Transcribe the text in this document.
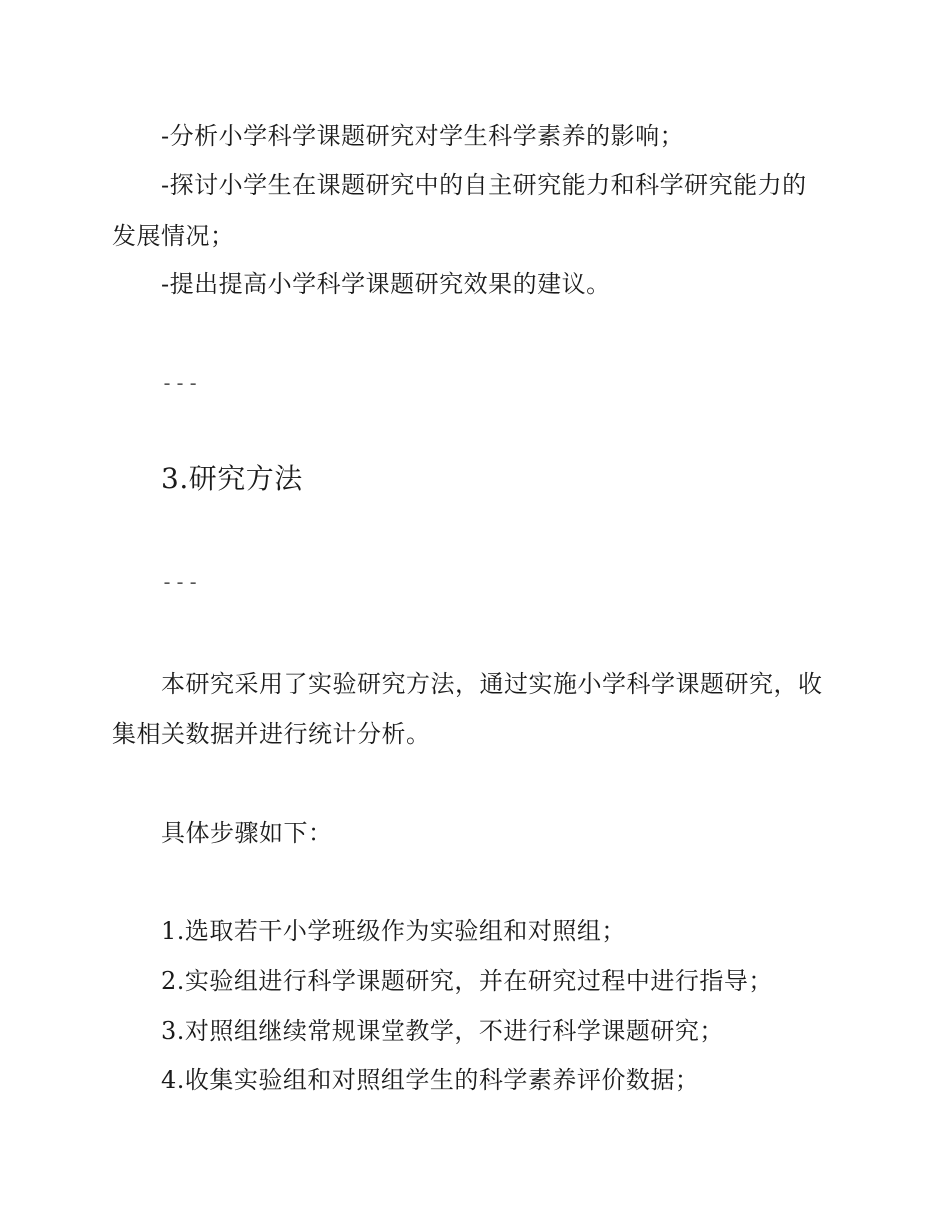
-分析小学科学课题研究对学生科学素养的影响；
-探讨小学生在课题研究中的自主研究能力和科学研究能力的
发展情况；
-提出提高小学科学课题研究效果的建议。
---
3.研究方法
---
本研究采用了实验研究方法，通过实施小学科学课题研究，收
集相关数据并进行统计分析。
具体步骤如下：
1.选取若干小学班级作为实验组和对照组；
2.实验组进行科学课题研究，并在研究过程中进行指导；
3.对照组继续常规课堂教学，不进行科学课题研究；
4.收集实验组和对照组学生的科学素养评价数据；
